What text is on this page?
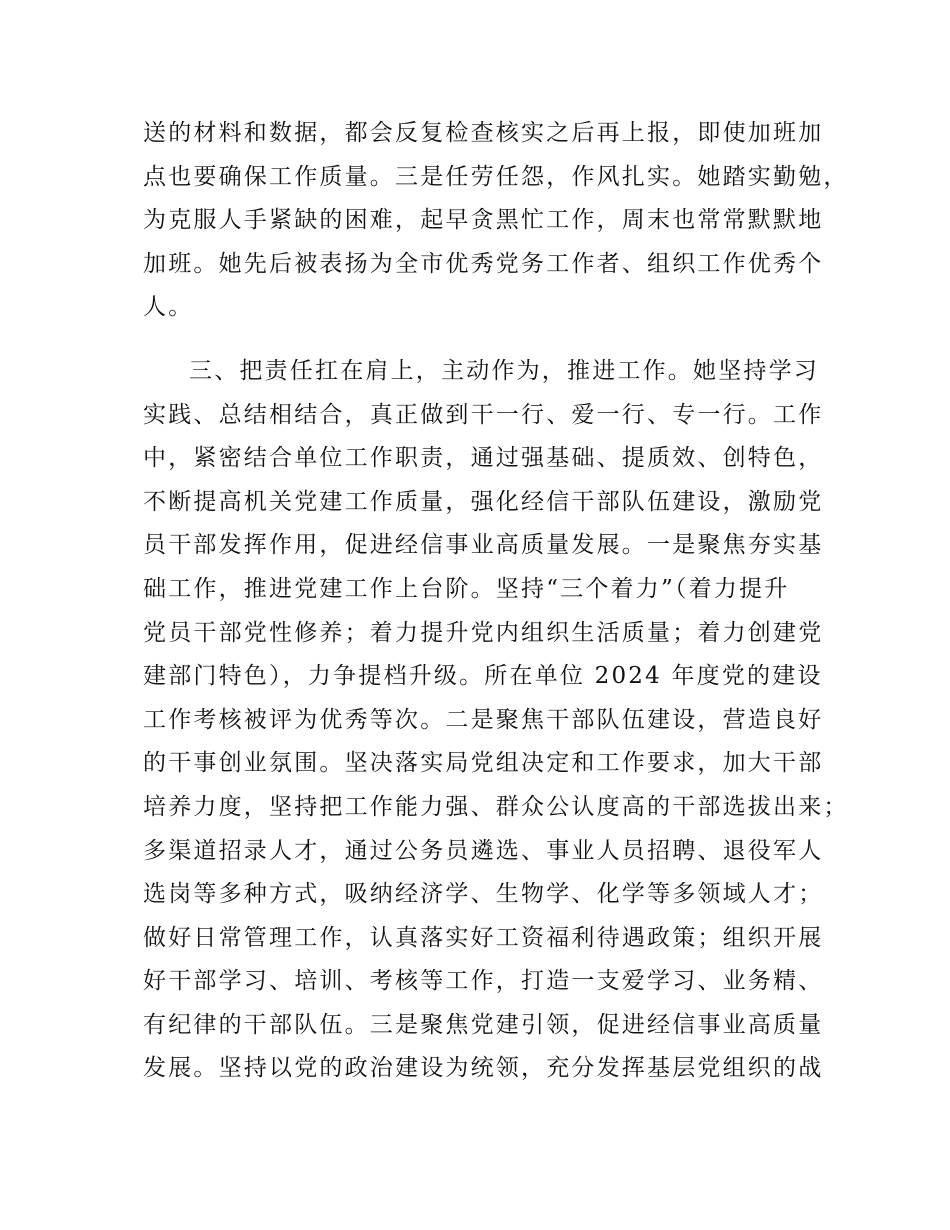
送的材料和数据，都会反复检查核实之后再上报，即使加班加
点也要确保工作质量。三是任劳任怨，作风扎实。她踏实勤勉，
为克服人手紧缺的困难，起早贪黑忙工作，周末也常常默默地
加班。她先后被表扬为全市优秀党务工作者、组织工作优秀个
人。
三、把责任扛在肩上，主动作为，推进工作。她坚持学习
实践、总结相结合，真正做到干一行、爱一行、专一行。工作
中，紧密结合单位工作职责，通过强基础、提质效、创特色，
不断提高机关党建工作质量，强化经信干部队伍建设，激励党
员干部发挥作用，促进经信事业高质量发展。一是聚焦夯实基
础工作，推进党建工作上台阶。坚持“三个着力”（着力提升
党员干部党性修养；着力提升党内组织生活质量；着力创建党
建部门特色），力争提档升级。所在单位 2024 年度党的建设
工作考核被评为优秀等次。二是聚焦干部队伍建设，营造良好
的干事创业氛围。坚决落实局党组决定和工作要求，加大干部
培养力度，坚持把工作能力强、群众公认度高的干部选拔出来；
多渠道招录人才，通过公务员遴选、事业人员招聘、退役军人
选岗等多种方式，吸纳经济学、生物学、化学等多领域人才；
做好日常管理工作，认真落实好工资福利待遇政策；组织开展
好干部学习、培训、考核等工作，打造一支爱学习、业务精、
有纪律的干部队伍。三是聚焦党建引领，促进经信事业高质量
发展。坚持以党的政治建设为统领，充分发挥基层党组织的战
